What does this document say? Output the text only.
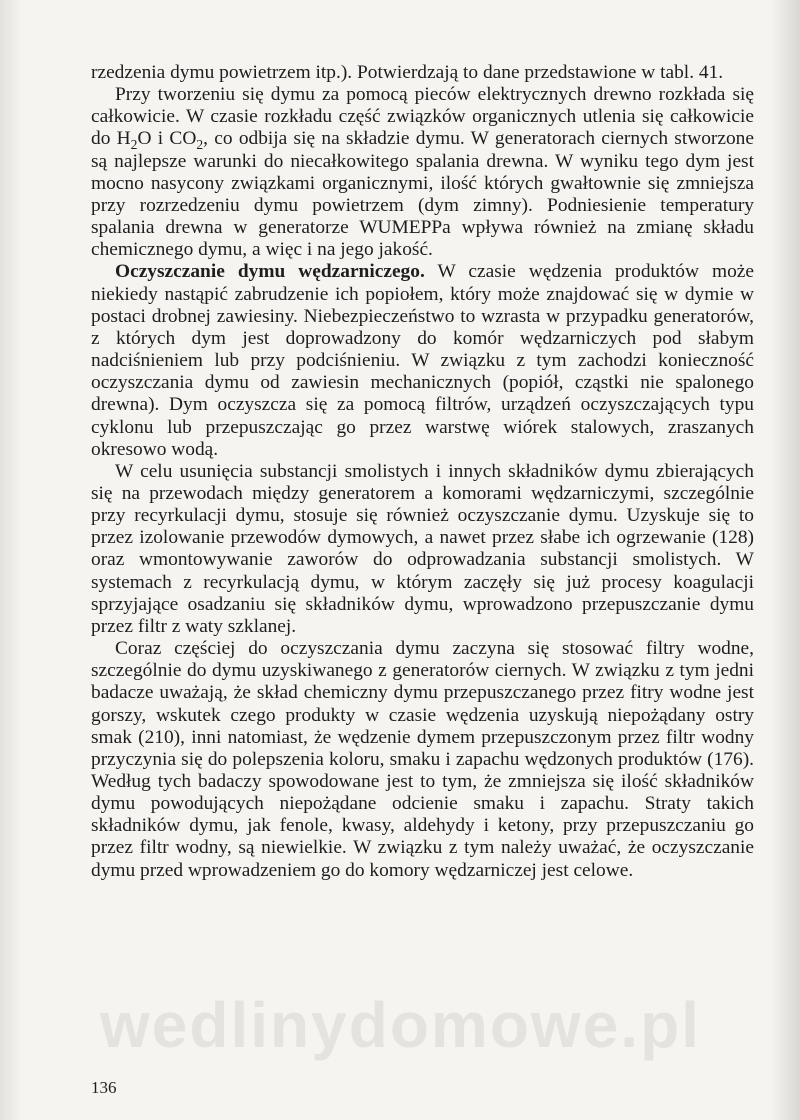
wedlinydomowe.pl

rzedzenia dymu powietrzem itp.). Potwierdzają to dane przedstawione w tabl. 41.

Przy tworzeniu się dymu za pomocą pieców elektrycznych drewno rozkłada się całkowicie. W czasie rozkładu część związków organicznych utlenia się całkowicie do $H_2O$ i $CO_2$, co odbija się na składzie dymu. W generatorach ciernych stworzone są najlepsze warunki do niecałkowitego spalania drewna. W wyniku tego dym jest mocno nasycony związkami organicznymi, ilość których gwałtownie się zmniejsza przy rozrzedzeniu dymu powietrzem (dym zimny). Podniesienie temperatury spalania drewna w generatorze WUMEPPa wpływa również na zmianę składu chemicznego dymu, a więc i na jego jakość.

Oczyszczanie dymu wędzarniczego. W czasie wędzenia produktów może niekiedy nastąpić zabrudzenie ich popiołem, który może znajdować się w dymie w postaci drobnej zawiesiny. Niebezpieczeństwo to wzrasta w przypadku generatorów, z których dym jest doprowadzony do komór wędzarniczych pod słabym nadciśnieniem lub przy podciśnieniu. W związku z tym zachodzi konieczność oczyszczania dymu od zawiesin mechanicznych (popiół, cząstki nie spalonego drewna). Dym oczyszcza się za pomocą filtrów, urządzeń oczyszczających typu cyklonu lub przepuszczając go przez warstwę wiórek stalowych, zraszanych okresowo wodą.

W celu usunięcia substancji smolistych i innych składników dymu zbierających się na przewodach między generatorem a komorami wędzarniczymi, szczególnie przy recyrkulacji dymu, stosuje się również oczyszczanie dymu. Uzyskuje się to przez izolowanie przewodów dymowych, a nawet przez słabe ich ogrzewanie (128) oraz wmontowywanie zaworów do odprowadzania substancji smolistych. W systemach z recyrkulacją dymu, w którym zaczęły się już procesy koagulacji sprzyjające osadzaniu się składników dymu, wprowadzono przepuszczanie dymu przez filtr z waty szklanej.

Coraz częściej do oczyszczania dymu zaczyna się stosować filtry wodne, szczególnie do dymu uzyskiwanego z generatorów ciernych. W związku z tym jedni badacze uważają, że skład chemiczny dymu przepuszczanego przez fitry wodne jest gorszy, wskutek czego produkty w czasie wędzenia uzyskują niepożądany ostry smak (210), inni natomiast, że wędzenie dymem przepuszczonym przez filtr wodny przyczynia się do polepszenia koloru, smaku i zapachu wędzonych produktów (176). Według tych badaczy spowodowane jest to tym, że zmniejsza się ilość składników dymu powodujących niepożądane odcienie smaku i zapachu. Straty takich składników dymu, jak fenole, kwasy, aldehydy i ketony, przy przepuszczaniu go przez filtr wodny, są niewielkie. W związku z tym należy uważać, że oczyszczanie dymu przed wprowadzeniem go do komory wędzarniczej jest celowe.

136
